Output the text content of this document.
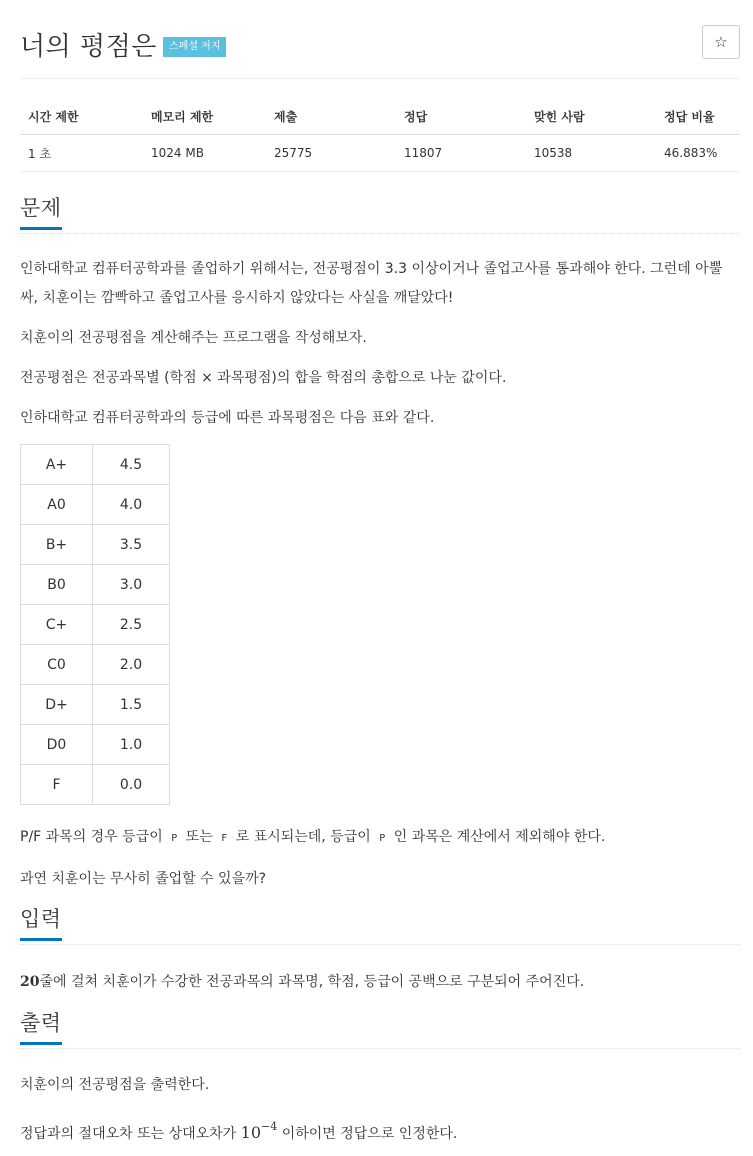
너의 평점은	스페셜 저지	☆
시간 제한	메모리 제한	제출	정답	맞힌 사람	정답 비율
1 초	1024 MB	25775	11807	10538	46.883%
문제
인하대학교 컴퓨터공학과를 졸업하기 위해서는, 전공평점이 3.3 이상이거나 졸업고사를 통과해야 한다. 그런데 아뿔싸, 치훈이는 깜빡하고 졸업고사를 응시하지 않았다는 사실을 깨달았다!
치훈이의 전공평점을 계산해주는 프로그램을 작성해보자.
전공평점은 전공과목별 (학점 × 과목평점)의 합을 학점의 총합으로 나눈 값이다.
인하대학교 컴퓨터공학과의 등급에 따른 과목평점은 다음 표와 같다.
A+	4.5
A0	4.0
B+	3.5
B0	3.0
C+	2.5
C0	2.0
D+	1.5
D0	1.0
F	0.0
P/F 과목의 경우 등급이 P 또는 F 로 표시되는데, 등급이 P 인 과목은 계산에서 제외해야 한다.
과연 치훈이는 무사히 졸업할 수 있을까?
입력
20줄에 걸쳐 치훈이가 수강한 전공과목의 과목명, 학점, 등급이 공백으로 구분되어 주어진다.
출력
치훈이의 전공평점을 출력한다.
정답과의 절대오차 또는 상대오차가 $10^{-4}$ 이하이면 정답으로 인정한다.
